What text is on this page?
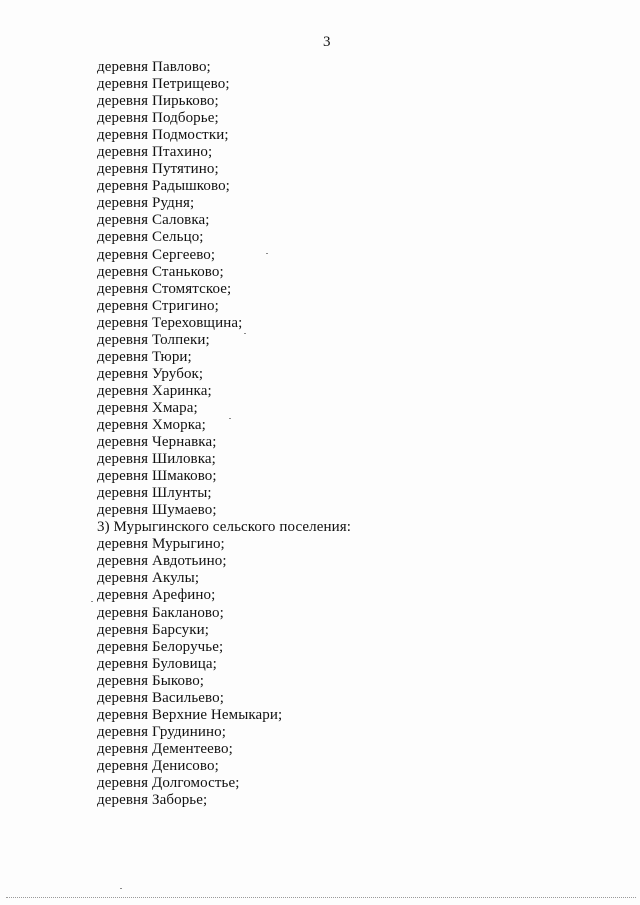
3
деревня Павлово;
деревня Петрищево;
деревня Пирьково;
деревня Подборье;
деревня Подмостки;
деревня Птахино;
деревня Путятино;
деревня Радышково;
деревня Рудня;
деревня Саловка;
деревня Сельцо;
деревня Сергеево;
деревня Станьково;
деревня Стомятское;
деревня Стригино;
деревня Тереховщина;
деревня Толпеки;
деревня Тюри;
деревня Урубок;
деревня Харинка;
деревня Хмара;
деревня Хморка;
деревня Чернавка;
деревня Шиловка;
деревня Шмаково;
деревня Шлунты;
деревня Шумаево;
3) Мурыгинского сельского поселения:
деревня Мурыгино;
деревня Авдотьино;
деревня Акулы;
деревня Арефино;
деревня Бакланово;
деревня Барсуки;
деревня Белоручье;
деревня Буловица;
деревня Быково;
деревня Васильево;
деревня Верхние Немыкари;
деревня Грудинино;
деревня Дементеево;
деревня Денисово;
деревня Долгомостье;
деревня Заборье;
